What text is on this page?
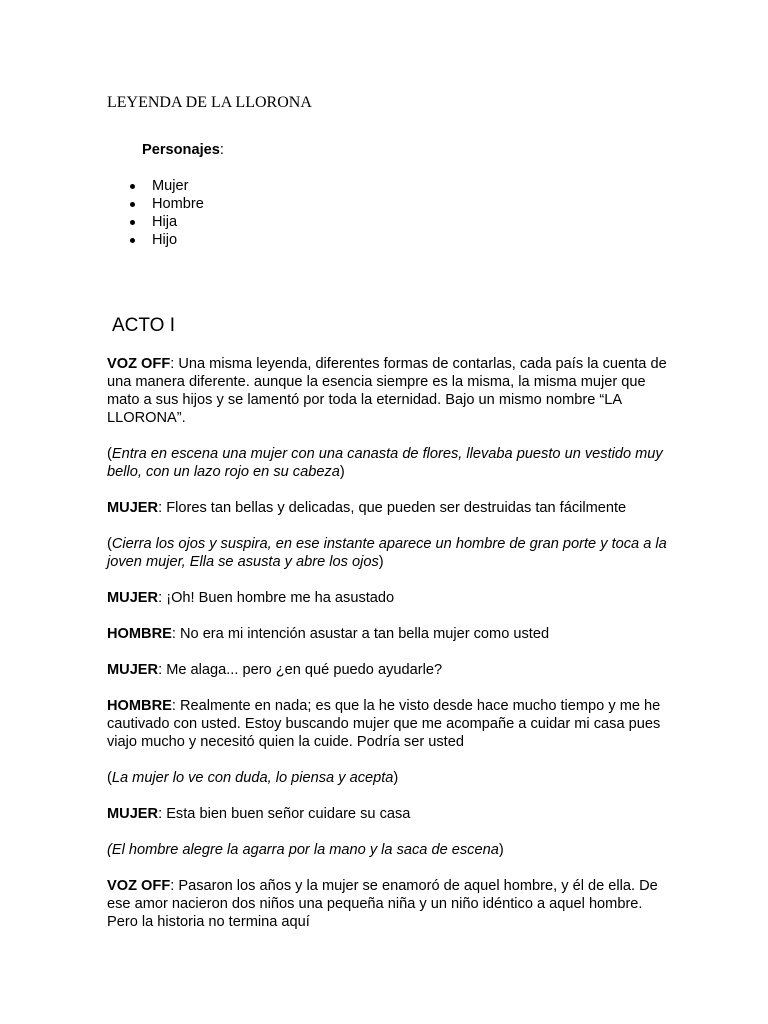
LEYENDA DE LA LLORONA
Personajes:
Mujer
Hombre
Hija
Hijo
ACTO I

VOZ OFF: Una misma leyenda, diferentes formas de contarlas, cada país la cuenta de una manera diferente. aunque la esencia siempre es la misma, la misma mujer que mato a sus hijos y se lamentó por toda la eternidad. Bajo un mismo nombre “LA LLORONA”.

(Entra en escena una mujer con una canasta de flores, llevaba puesto un vestido muy bello, con un lazo rojo en su cabeza)

MUJER: Flores tan bellas y delicadas, que pueden ser destruidas tan fácilmente

(Cierra los ojos y suspira, en ese instante aparece un hombre de gran porte y toca a la joven mujer, Ella se asusta y abre los ojos)

MUJER: ¡Oh! Buen hombre me ha asustado

HOMBRE: No era mi intención asustar a tan bella mujer como usted

MUJER: Me alaga... pero ¿en qué puedo ayudarle?

HOMBRE: Realmente en nada; es que la he visto desde hace mucho tiempo y me he cautivado con usted. Estoy buscando mujer que me acompañe a cuidar mi casa pues viajo mucho y necesitó quien la cuide. Podría ser usted

(La mujer lo ve con duda, lo piensa y acepta)

MUJER: Esta bien buen señor cuidare su casa

(El hombre alegre la agarra por la mano y la saca de escena)

VOZ OFF: Pasaron los años y la mujer se enamoró de aquel hombre, y él de ella. De ese amor nacieron dos niños una pequeña niña y un niño idéntico a aquel hombre. Pero la historia no termina aquí
